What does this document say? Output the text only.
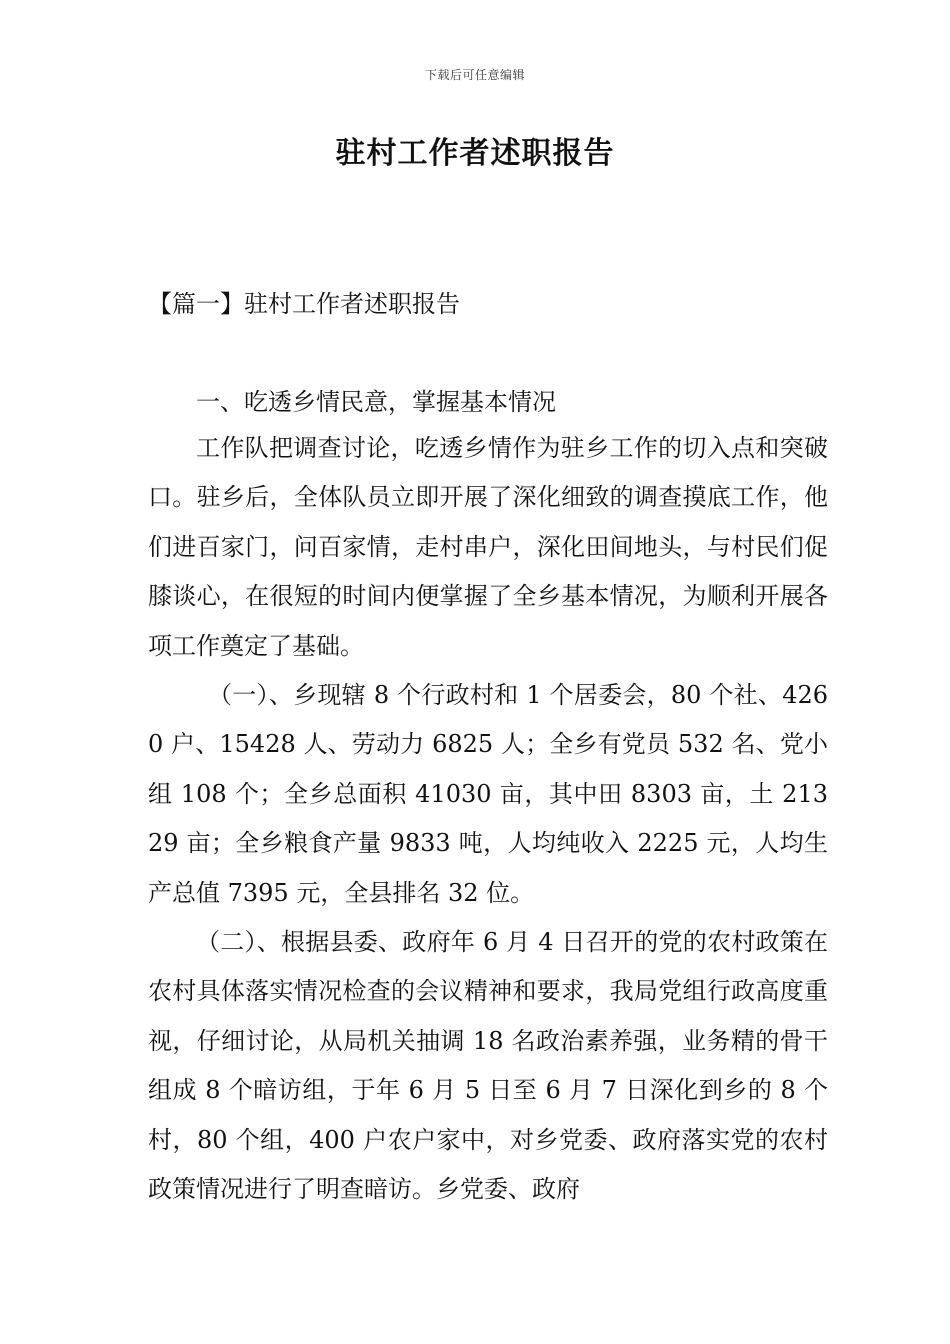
下载后可任意编辑
驻村工作者述职报告
【篇一】驻村工作者述职报告
一、吃透乡情民意，掌握基本情况

工作队把调查讨论，吃透乡情作为驻乡工作的切入点和突破口。驻乡后，全体队员立即开展了深化细致的调查摸底工作，他们进百家门，问百家情，走村串户，深化田间地头，与村民们促膝谈心，在很短的时间内便掌握了全乡基本情况，为顺利开展各项工作奠定了基础。

（一）、乡现辖 8 个行政村和 1 个居委会，80 个社、4260 户、15428 人、劳动力 6825 人；全乡有党员 532 名、党小组 108 个；全乡总面积 41030 亩，其中田 8303 亩，土 21329 亩；全乡粮食产量 9833 吨，人均纯收入 2225 元，人均生产总值 7395 元，全县排名 32 位。

（二）、根据县委、政府年 6 月 4 日召开的党的农村政策在农村具体落实情况检查的会议精神和要求，我局党组行政高度重视，仔细讨论，从局机关抽调 18 名政治素养强，业务精的骨干组成 8 个暗访组，于年 6 月 5 日至 6 月 7 日深化到乡的 8 个村，80 个组，400 户农户家中，对乡党委、政府落实党的农村政策情况进行了明查暗访。乡党委、政府
